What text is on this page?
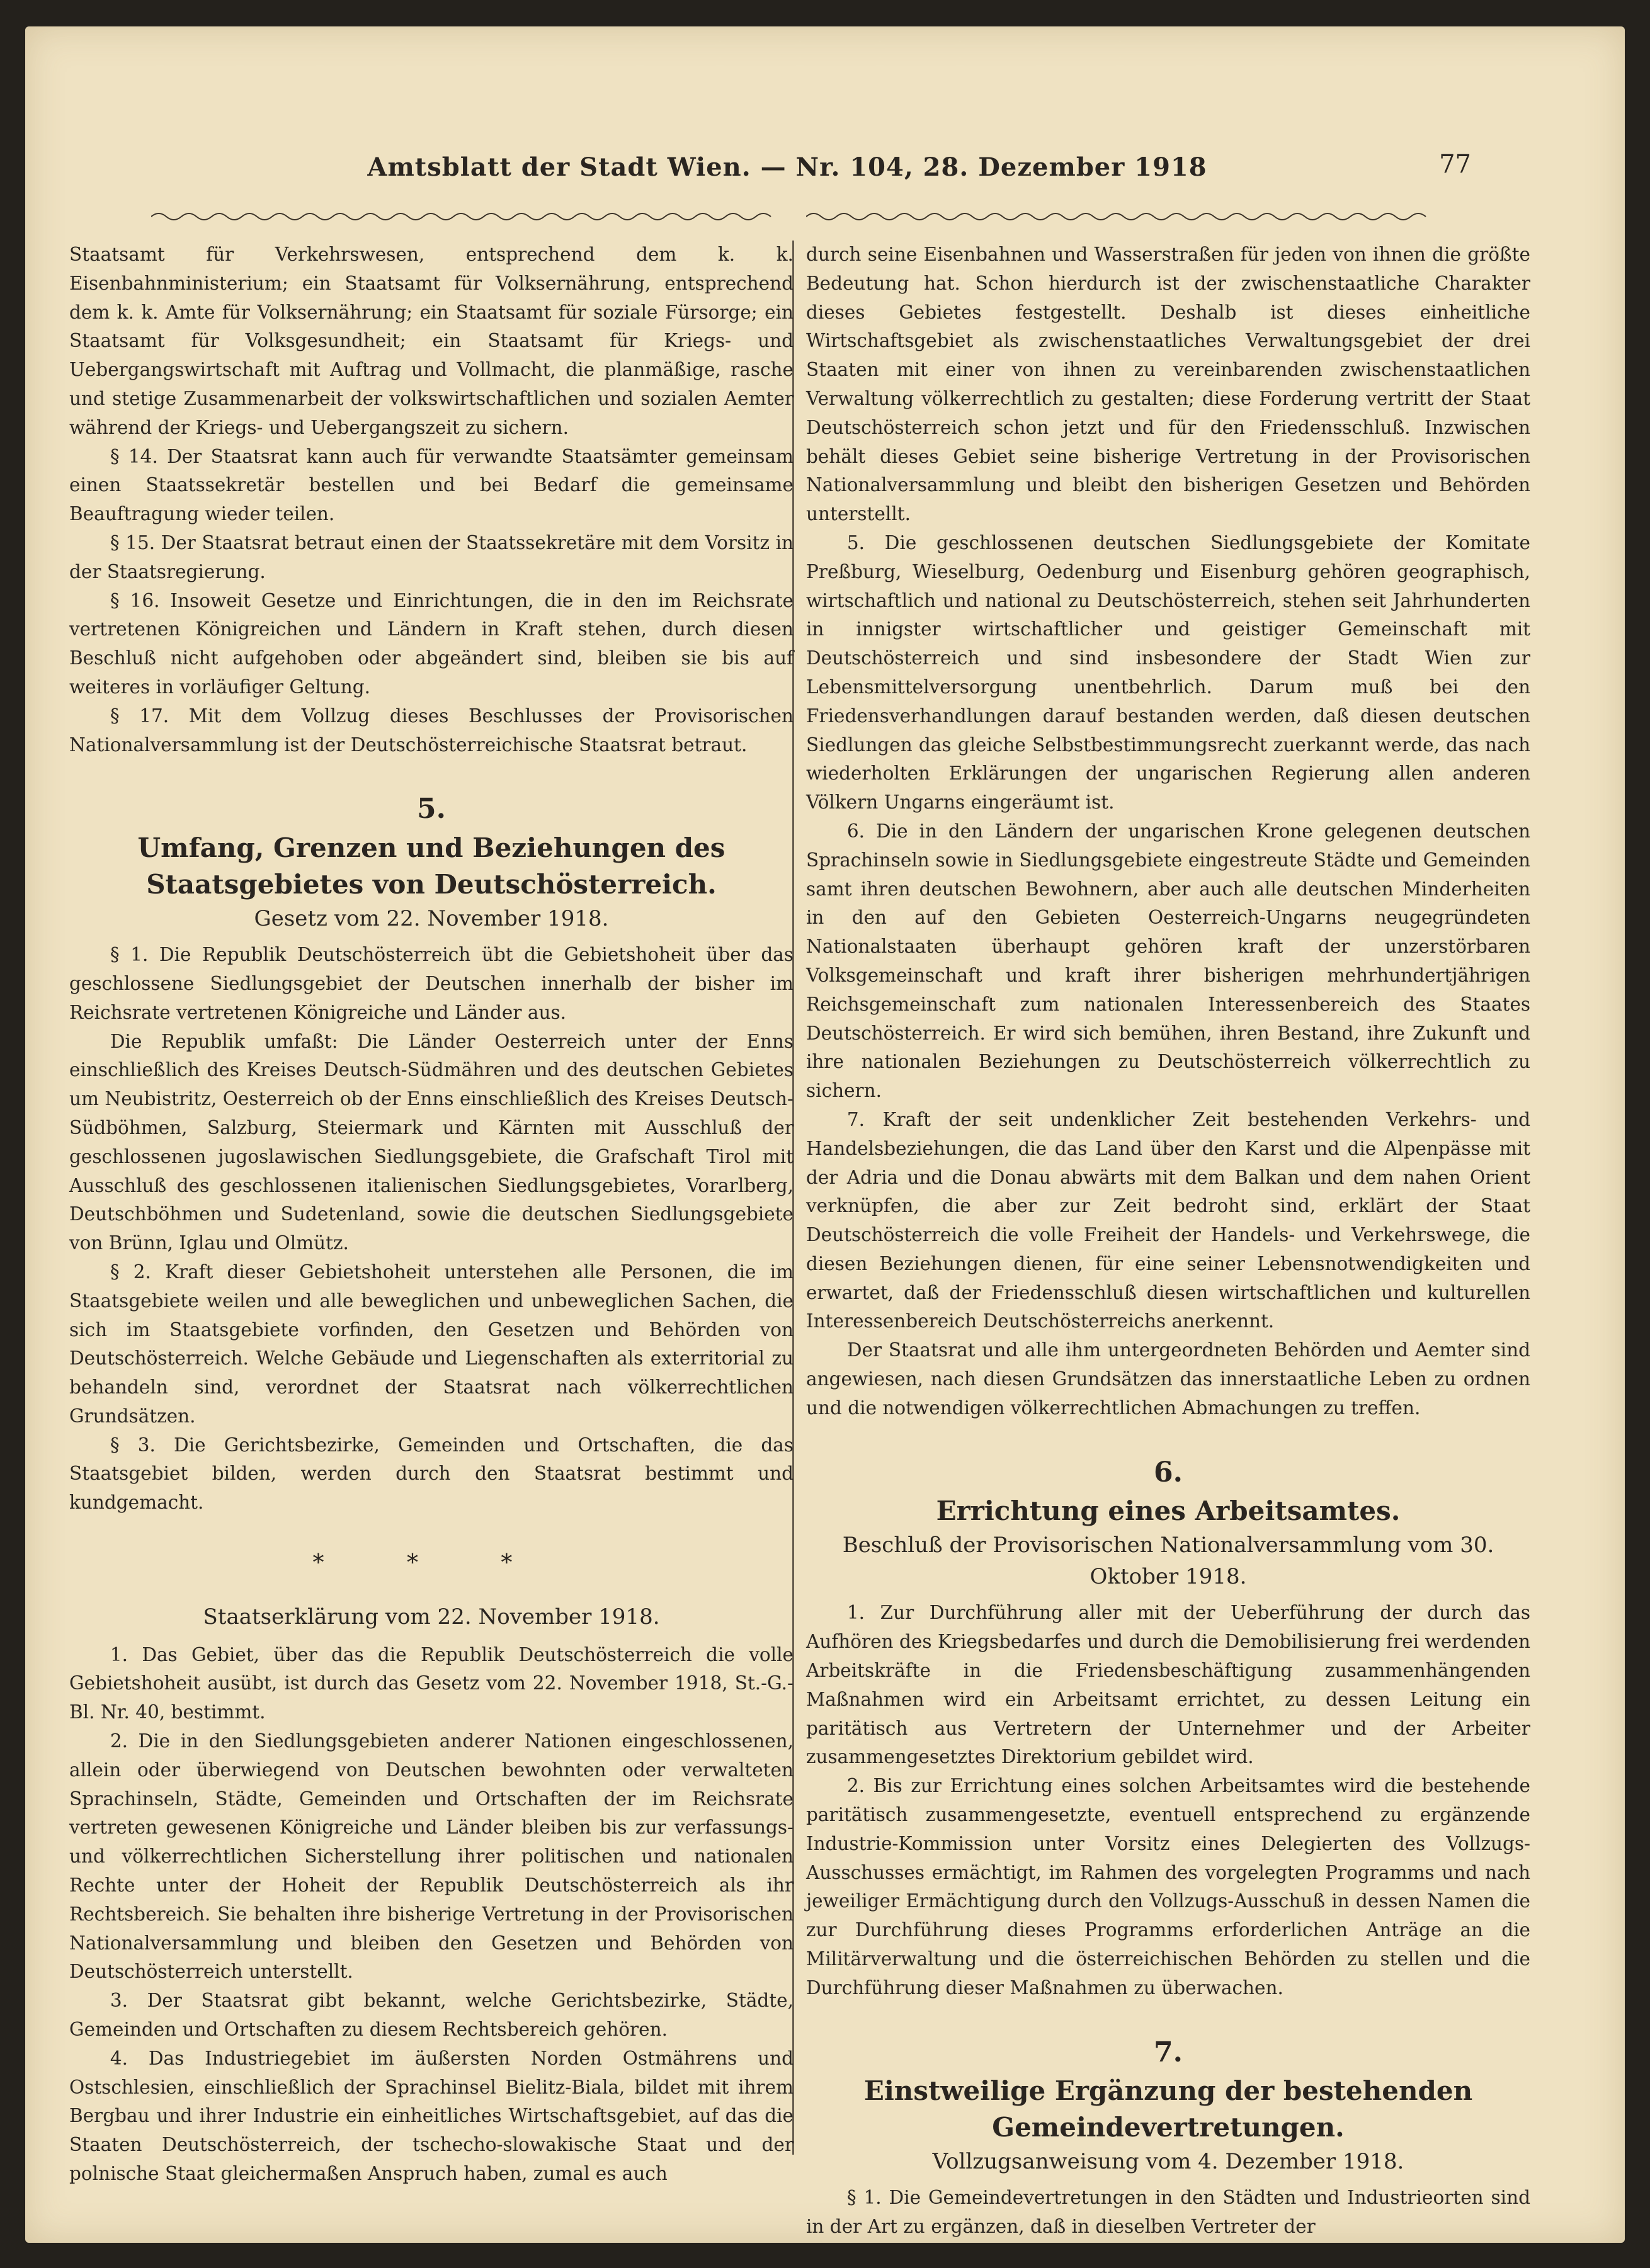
Amtsblatt der Stadt Wien. — Nr. 104, 28. Dezember 1918	77

Staatsamt für Verkehrswesen, entsprechend dem k. k. Eisenbahnministerium; ein Staatsamt für Volksernährung, entsprechend dem k. k. Amte für Volksernährung; ein Staatsamt für soziale Fürsorge; ein Staatsamt für Volksgesundheit; ein Staatsamt für Kriegs- und Uebergangswirtschaft mit Auftrag und Vollmacht, die planmäßige, rasche und stetige Zusammenarbeit der volkswirtschaftlichen und sozialen Aemter während der Kriegs- und Uebergangszeit zu sichern.

§ 14. Der Staatsrat kann auch für verwandte Staatsämter gemeinsam einen Staatssekretär bestellen und bei Bedarf die gemeinsame Beauftragung wieder teilen.

§ 15. Der Staatsrat betraut einen der Staatssekretäre mit dem Vorsitz in der Staatsregierung.

§ 16. Insoweit Gesetze und Einrichtungen, die in den im Reichsrate vertretenen Königreichen und Ländern in Kraft stehen, durch diesen Beschluß nicht aufgehoben oder abgeändert sind, bleiben sie bis auf weiteres in vorläufiger Geltung.

§ 17. Mit dem Vollzug dieses Beschlusses der Provisorischen Nationalversammlung ist der Deutschösterreichische Staatsrat betraut.

5.
Umfang, Grenzen und Beziehungen des Staatsgebietes von Deutschösterreich.
Gesetz vom 22. November 1918.

§ 1. Die Republik Deutschösterreich übt die Gebietshoheit über das geschlossene Siedlungsgebiet der Deutschen innerhalb der bisher im Reichsrate vertretenen Königreiche und Länder aus.

Die Republik umfaßt: Die Länder Oesterreich unter der Enns einschließlich des Kreises Deutsch-Südmähren und des deutschen Gebietes um Neubistritz, Oesterreich ob der Enns einschließlich des Kreises Deutsch-Südböhmen, Salzburg, Steiermark und Kärnten mit Ausschluß der geschlossenen jugoslawischen Siedlungsgebiete, die Grafschaft Tirol mit Ausschluß des geschlossenen italienischen Siedlungsgebietes, Vorarlberg, Deutschböhmen und Sudetenland, sowie die deutschen Siedlungsgebiete von Brünn, Iglau und Olmütz.

§ 2. Kraft dieser Gebietshoheit unterstehen alle Personen, die im Staatsgebiete weilen und alle beweglichen und unbeweglichen Sachen, die sich im Staatsgebiete vorfinden, den Gesetzen und Behörden von Deutschösterreich. Welche Gebäude und Liegenschaften als exterritorial zu behandeln sind, verordnet der Staatsrat nach völkerrechtlichen Grundsätzen.

§ 3. Die Gerichtsbezirke, Gemeinden und Ortschaften, die das Staatsgebiet bilden, werden durch den Staatsrat bestimmt und kundgemacht.

* * *
Staatserklärung vom 22. November 1918.

1. Das Gebiet, über das die Republik Deutschösterreich die volle Gebietshoheit ausübt, ist durch das Gesetz vom 22. November 1918, St.-G.-Bl. Nr. 40, bestimmt.

2. Die in den Siedlungsgebieten anderer Nationen eingeschlossenen, allein oder überwiegend von Deutschen bewohnten oder verwalteten Sprachinseln, Städte, Gemeinden und Ortschaften der im Reichsrate vertreten gewesenen Königreiche und Länder bleiben bis zur verfassungs- und völkerrechtlichen Sicherstellung ihrer politischen und nationalen Rechte unter der Hoheit der Republik Deutschösterreich als ihr Rechtsbereich. Sie behalten ihre bisherige Vertretung in der Provisorischen Nationalversammlung und bleiben den Gesetzen und Behörden von Deutschösterreich unterstellt.

3. Der Staatsrat gibt bekannt, welche Gerichtsbezirke, Städte, Gemeinden und Ortschaften zu diesem Rechtsbereich gehören.

4. Das Industriegebiet im äußersten Norden Ostmährens und Ostschlesien, einschließlich der Sprachinsel Bielitz-Biala, bildet mit ihrem Bergbau und ihrer Industrie ein einheitliches Wirtschaftsgebiet, auf das die Staaten Deutschösterreich, der tschecho-slowakische Staat und der polnische Staat gleichermaßen Anspruch haben, zumal es auch

durch seine Eisenbahnen und Wasserstraßen für jeden von ihnen die größte Bedeutung hat. Schon hierdurch ist der zwischenstaatliche Charakter dieses Gebietes festgestellt. Deshalb ist dieses einheitliche Wirtschaftsgebiet als zwischenstaatliches Verwaltungsgebiet der drei Staaten mit einer von ihnen zu vereinbarenden zwischenstaatlichen Verwaltung völkerrechtlich zu gestalten; diese Forderung vertritt der Staat Deutschösterreich schon jetzt und für den Friedensschluß. Inzwischen behält dieses Gebiet seine bisherige Vertretung in der Provisorischen Nationalversammlung und bleibt den bisherigen Gesetzen und Behörden unterstellt.

5. Die geschlossenen deutschen Siedlungsgebiete der Komitate Preßburg, Wieselburg, Oedenburg und Eisenburg gehören geographisch, wirtschaftlich und national zu Deutschösterreich, stehen seit Jahrhunderten in innigster wirtschaftlicher und geistiger Gemeinschaft mit Deutschösterreich und sind insbesondere der Stadt Wien zur Lebensmittelversorgung unentbehrlich. Darum muß bei den Friedensverhandlungen darauf bestanden werden, daß diesen deutschen Siedlungen das gleiche Selbstbestimmungsrecht zuerkannt werde, das nach wiederholten Erklärungen der ungarischen Regierung allen anderen Völkern Ungarns eingeräumt ist.

6. Die in den Ländern der ungarischen Krone gelegenen deutschen Sprachinseln sowie in Siedlungsgebiete eingestreute Städte und Gemeinden samt ihren deutschen Bewohnern, aber auch alle deutschen Minderheiten in den auf den Gebieten Oesterreich-Ungarns neugegründeten Nationalstaaten überhaupt gehören kraft der unzerstörbaren Volksgemeinschaft und kraft ihrer bisherigen mehrhundertjährigen Reichsgemeinschaft zum nationalen Interessenbereich des Staates Deutschösterreich. Er wird sich bemühen, ihren Bestand, ihre Zukunft und ihre nationalen Beziehungen zu Deutschösterreich völkerrechtlich zu sichern.

7. Kraft der seit undenklicher Zeit bestehenden Verkehrs- und Handelsbeziehungen, die das Land über den Karst und die Alpenpässe mit der Adria und die Donau abwärts mit dem Balkan und dem nahen Orient verknüpfen, die aber zur Zeit bedroht sind, erklärt der Staat Deutschösterreich die volle Freiheit der Handels- und Verkehrswege, die diesen Beziehungen dienen, für eine seiner Lebensnotwendigkeiten und erwartet, daß der Friedensschluß diesen wirtschaftlichen und kulturellen Interessenbereich Deutschösterreichs anerkennt.

Der Staatsrat und alle ihm untergeordneten Behörden und Aemter sind angewiesen, nach diesen Grundsätzen das innerstaatliche Leben zu ordnen und die notwendigen völkerrechtlichen Abmachungen zu treffen.

6.
Errichtung eines Arbeitsamtes.
Beschluß der Provisorischen Nationalversammlung vom 30. Oktober 1918.

1. Zur Durchführung aller mit der Ueberführung der durch das Aufhören des Kriegsbedarfes und durch die Demobilisierung frei werdenden Arbeitskräfte in die Friedensbeschäftigung zusammenhängenden Maßnahmen wird ein Arbeitsamt errichtet, zu dessen Leitung ein paritätisch aus Vertretern der Unternehmer und der Arbeiter zusammengesetztes Direktorium gebildet wird.

2. Bis zur Errichtung eines solchen Arbeitsamtes wird die bestehende paritätisch zusammengesetzte, eventuell entsprechend zu ergänzende Industrie-Kommission unter Vorsitz eines Delegierten des Vollzugs-Ausschusses ermächtigt, im Rahmen des vorgelegten Programms und nach jeweiliger Ermächtigung durch den Vollzugs-Ausschuß in dessen Namen die zur Durchführung dieses Programms erforderlichen Anträge an die Militärverwaltung und die österreichischen Behörden zu stellen und die Durchführung dieser Maßnahmen zu überwachen.

7.
Einstweilige Ergänzung der bestehenden Gemeindevertretungen.
Vollzugsanweisung vom 4. Dezember 1918.

§ 1. Die Gemeindevertretungen in den Städten und Industrieorten sind in der Art zu ergänzen, daß in dieselben Vertreter der
